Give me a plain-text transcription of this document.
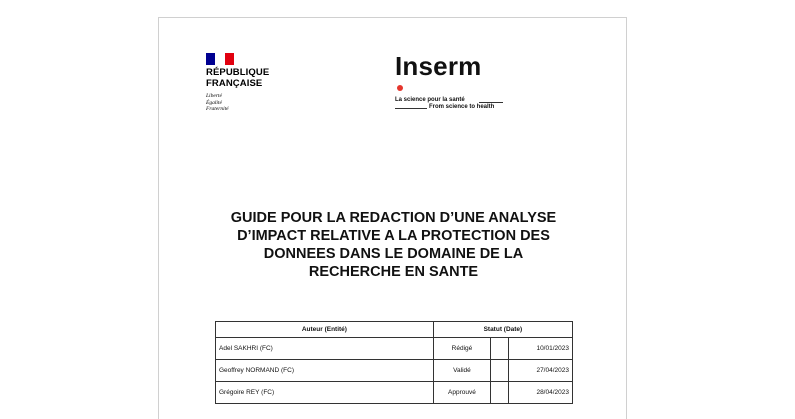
RÉPUBLIQUE
FRANÇAISE
Liberté
Égalité
Fraternité
Inserm
La science pour la santé
From science to health
GUIDE POUR LA REDACTION D’UNE ANALYSE
D’IMPACT RELATIVE A LA PROTECTION DES
DONNEES DANS LE DOMAINE DE LA
RECHERCHE EN SANTE
Auteur (Entité)	Statut (Date)		
Adel SAKHRI (FC)	Rédigé		10/01/2023
Geoffrey NORMAND (FC)	Validé		27/04/2023
Grégoire REY (FC)	Approuvé		28/04/2023
